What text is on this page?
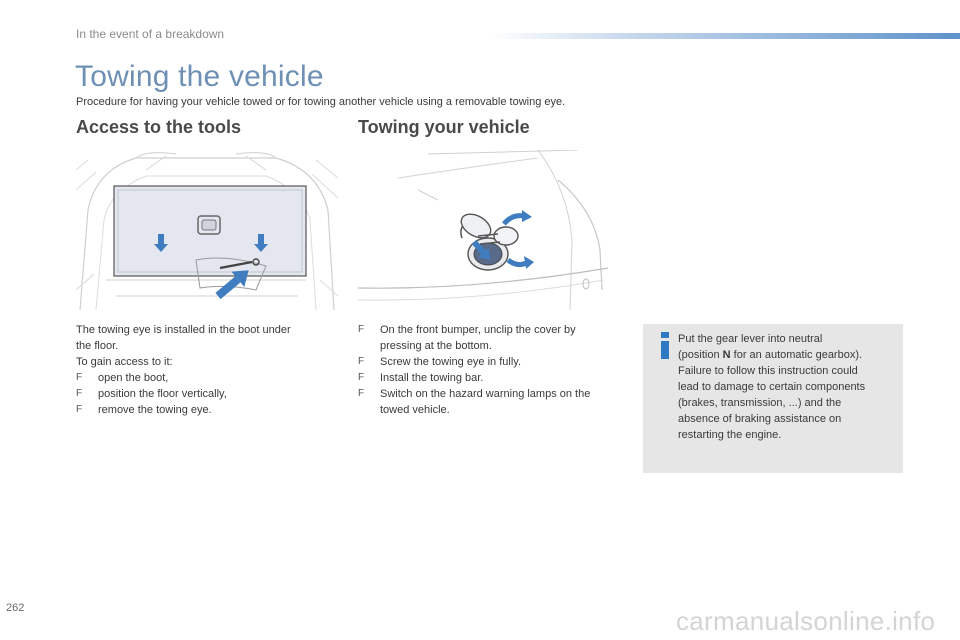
In the event of a breakdown
Towing the vehicle
Procedure for having your vehicle towed or for towing another vehicle using a removable towing eye.
Access to the tools	Towing your vehicle

The towing eye is installed in the boot under

the floor.

To gain access to it:

F open the boot,
F position the floor vertically,
F remove the towing eye.
F On the front bumper, unclip the cover by
pressing at the bottom.
F Screw the towing eye in fully.
F Install the towing bar.
F Switch on the hazard warning lamps on the
towed vehicle.
Put the gear lever into neutral
(position N for an automatic gearbox).
Failure to follow this instruction could
lead to damage to certain components
(brakes, transmission, ...) and the
absence of braking assistance on
restarting the engine.
262	carmanualsonline.info
